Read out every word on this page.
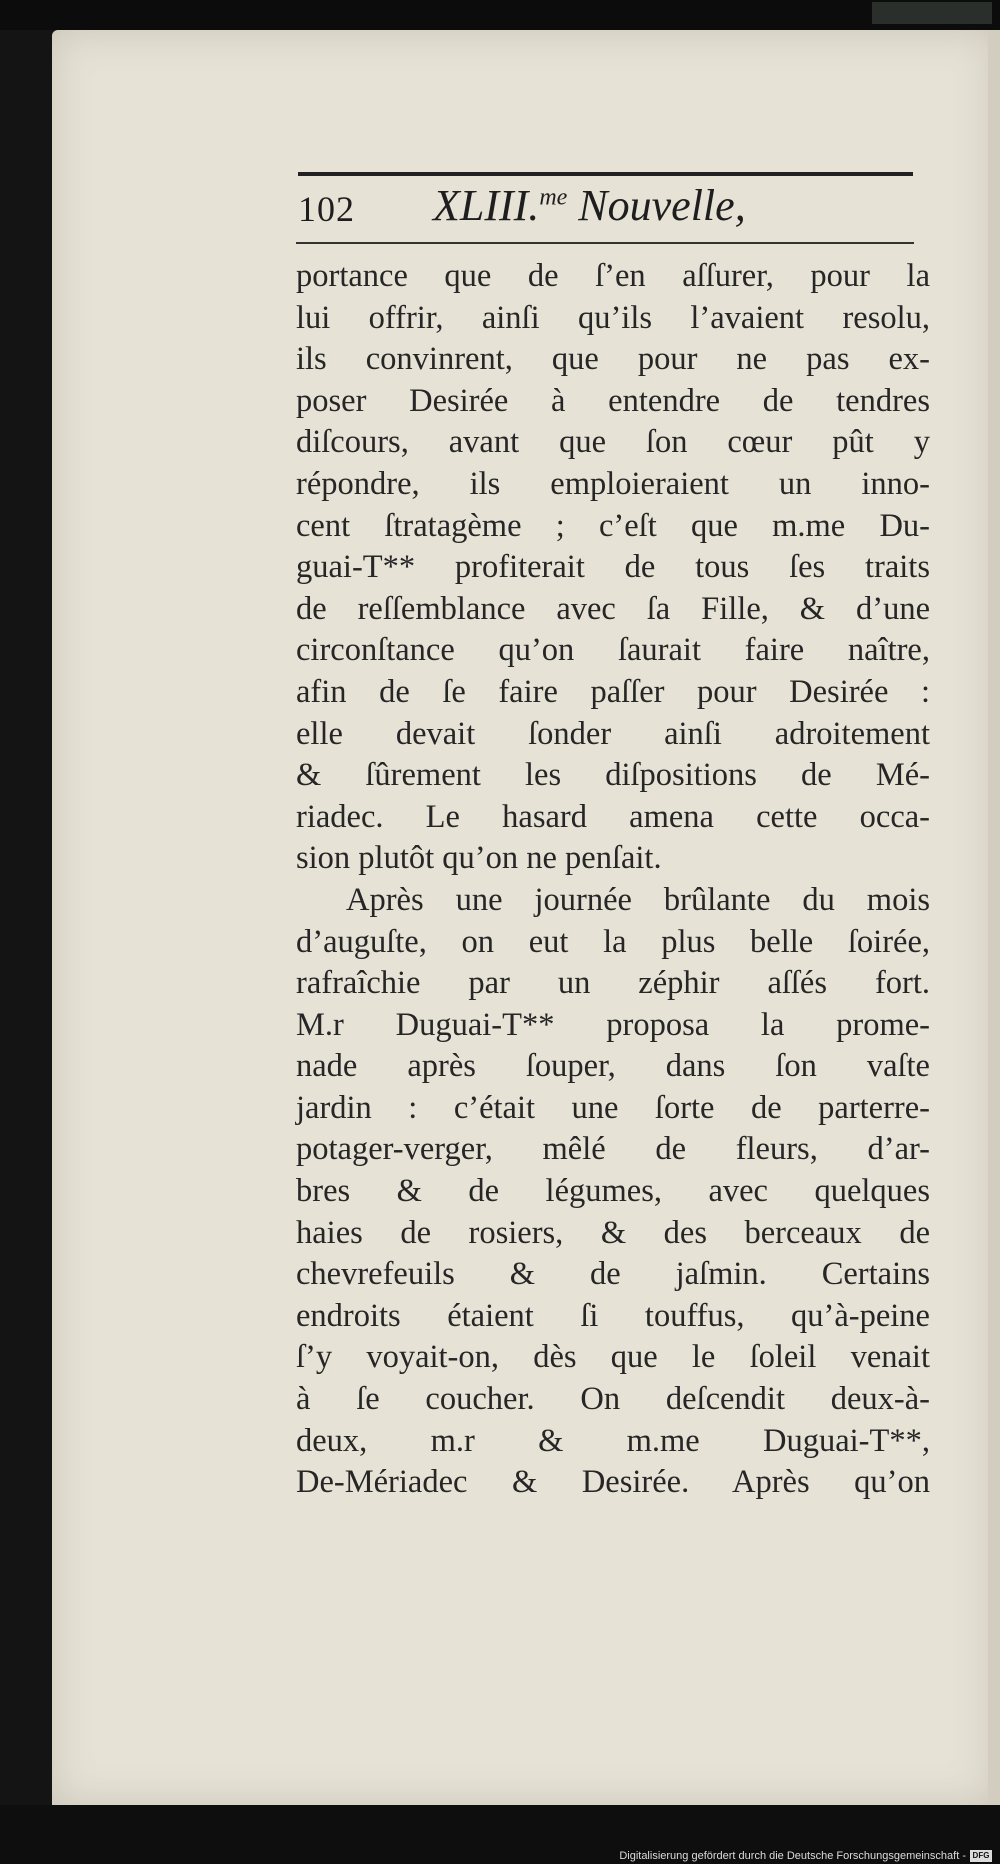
102 XLIII.$^{me}$ Nouvelle,
portance que de ſ’en aſſurer, pour la
lui offrir, ainſi qu’ils l’avaient resolu,
ils convinrent, que pour ne pas ex-
poser Desirée à entendre de tendres
diſcours, avant que ſon cœur pût y
répondre, ils emploieraient un inno-
cent ſtratagème ; c’eſt que m.me Du-
guai-T** profiterait de tous ſes traits
de reſſemblance avec ſa Fille, & d’une
circonſtance qu’on ſaurait faire naître,
afin de ſe faire paſſer pour Desirée :
elle devait ſonder ainſi adroitement
& ſûrement les diſpositions de Mé-
riadec. Le hasard amena cette occa-
sion plutôt qu’on ne penſait.
Après une journée brûlante du mois
d’auguſte, on eut la plus belle ſoirée,
rafraîchie par un zéphir aſſés fort.
M.r Duguai-T** proposa la prome-
nade après ſouper, dans ſon vaſte
jardin : c’était une ſorte de parterre-
potager-verger, mêlé de fleurs, d’ar-
bres & de légumes, avec quelques
haies de rosiers, & des berceaux de
chevrefeuils & de jaſmin. Certains
endroits étaient ſi touffus, qu’à-peine
ſ’y voyait-on, dès que le ſoleil venait
à ſe coucher. On deſcendit deux-à-
deux, m.r & m.me Duguai-T**,
De-Mériadec & Desirée. Après qu’on
Digitalisierung gefördert durch die Deutsche Forschungsgemeinschaft - DFG
